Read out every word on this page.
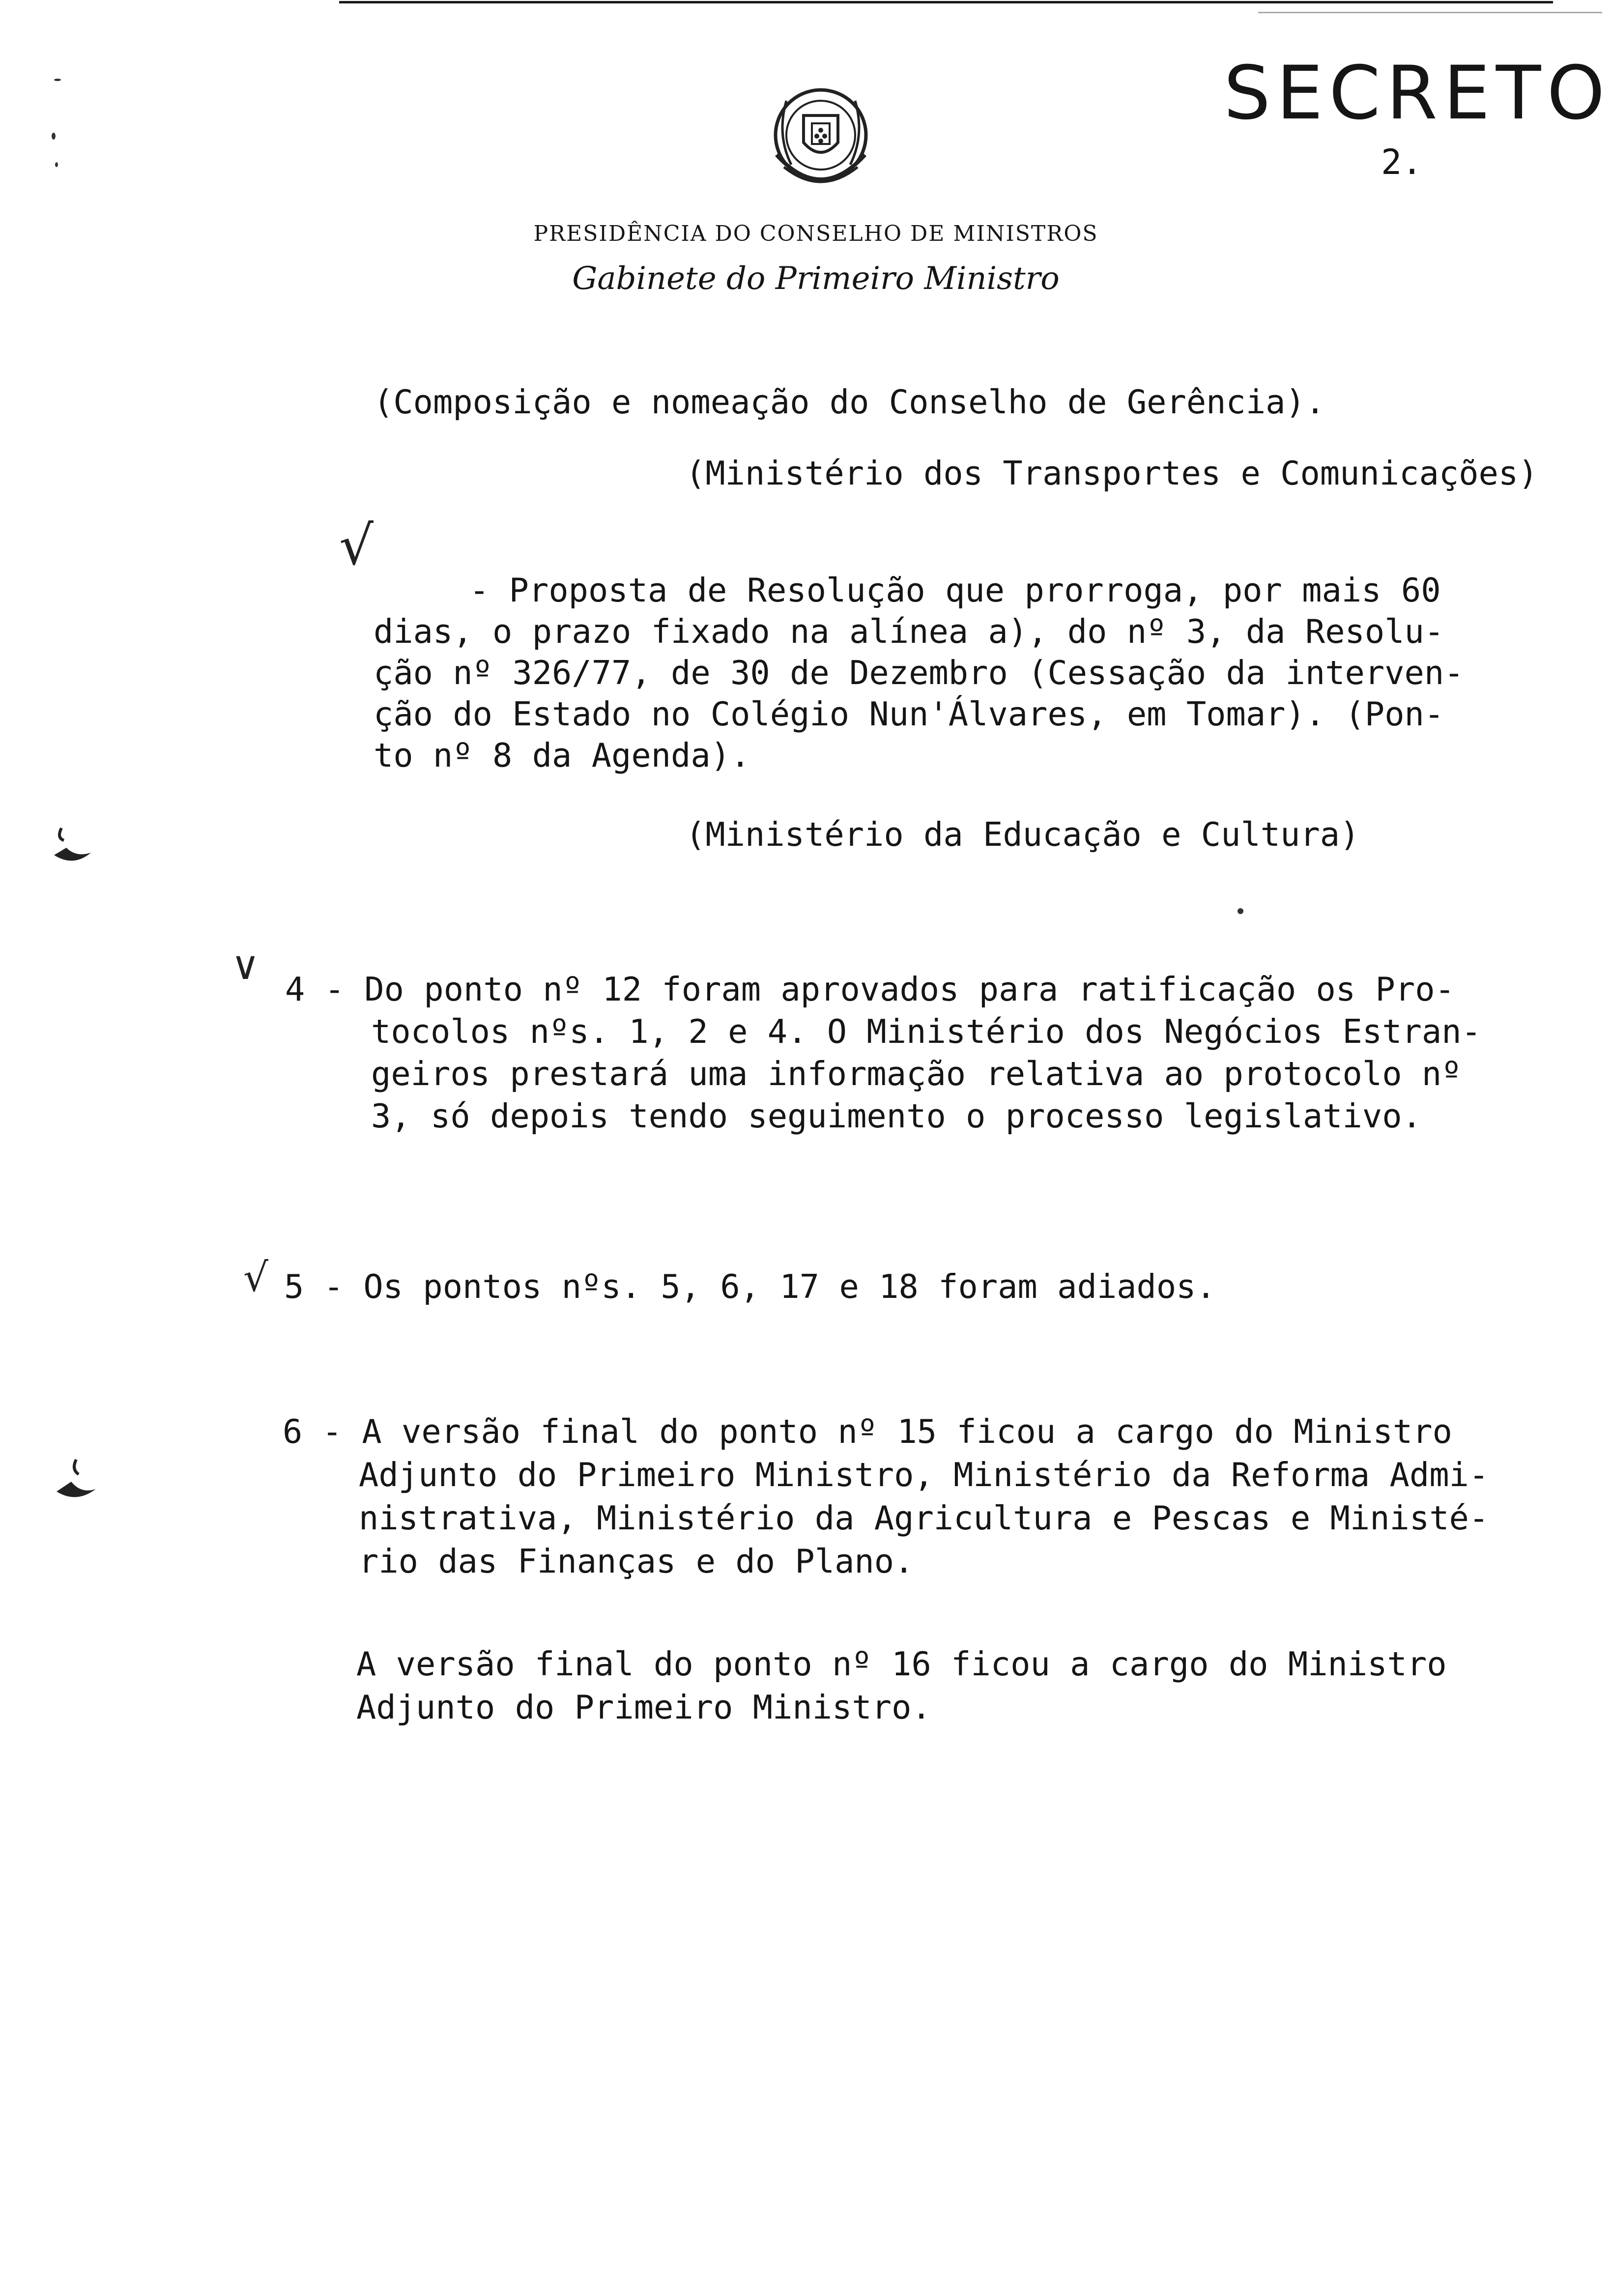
SECRETO
2.
PRESIDÊNCIA DO CONSELHO DE MINISTROS
Gabinete do Primeiro Ministro
(Composição e nomeação do Conselho de Gerência).
(Ministério dos Transportes e Comunicações)
√
- Proposta de Resolução que prorroga, por mais 60
dias, o prazo fixado na alínea a), do nº 3, da Resolu-
ção nº 326/77, de 30 de Dezembro (Cessação da interven-
ção do Estado no Colégio Nun'Álvares, em Tomar). (Pon-
to nº 8 da Agenda).
(Ministério da Educação e Cultura)
∨
4 - Do ponto nº 12 foram aprovados para ratificação os Pro-
tocolos nºs. 1, 2 e 4. O Ministério dos Negócios Estran-
geiros prestará uma informação relativa ao protocolo nº
3, só depois tendo seguimento o processo legislativo.
√ 5 - Os pontos nºs. 5, 6, 17 e 18 foram adiados.
6 - A versão final do ponto nº 15 ficou a cargo do Ministro
Adjunto do Primeiro Ministro, Ministério da Reforma Admi-
nistrativa, Ministério da Agricultura e Pescas e Ministé-
rio das Finanças e do Plano.
A versão final do ponto nº 16 ficou a cargo do Ministro
Adjunto do Primeiro Ministro.
